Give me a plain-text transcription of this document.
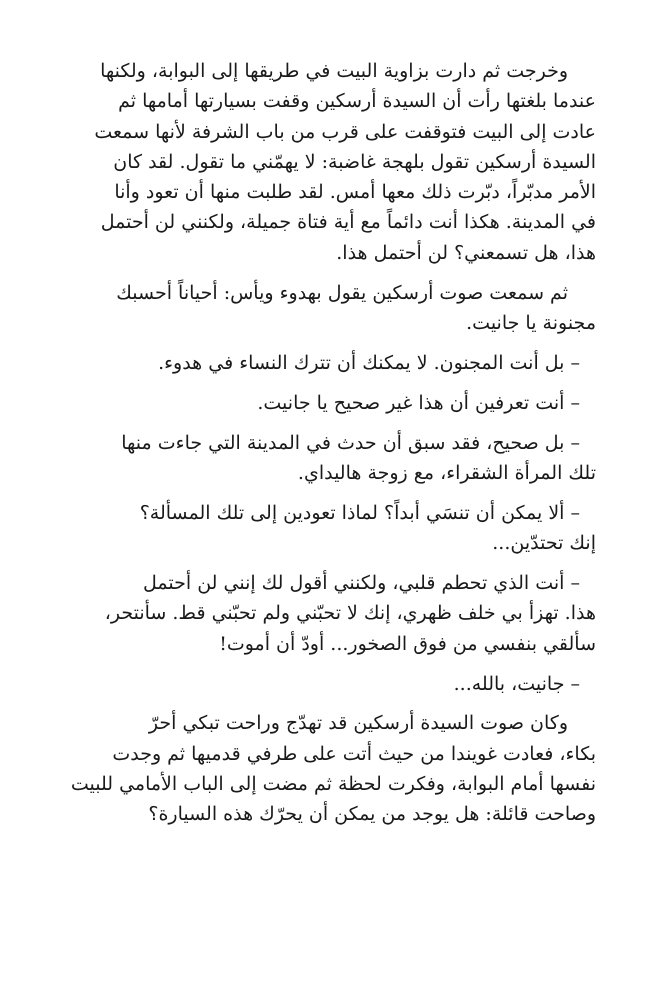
وخرجت ثم دارت بزاوية البيت في طريقها إلى البوابة، ولكنها
عندما بلغتها رأت أن السيدة أرسكين وقفت بسيارتها أمامها ثم
عادت إلى البيت فتوقفت على قرب من باب الشرفة لأنها سمعت
السيدة أرسكين تقول بلهجة غاضبة: لا يهمّني ما تقول. لقد كان
الأمر مدبّراً، دبّرت ذلك معها أمس. لقد طلبت منها أن تعود وأنا
في المدينة. هكذا أنت دائماً مع أية فتاة جميلة، ولكنني لن أحتمل
هذا، هل تسمعني؟ لن أحتمل هذا.

ثم سمعت صوت أرسكين يقول بهدوء ويأس: أحياناً أحسبك
مجنونة يا جانيت.

– بل أنت المجنون. لا يمكنك أن تترك النساء في هدوء.

– أنت تعرفين أن هذا غير صحيح يا جانيت.

– بل صحيح، فقد سبق أن حدث في المدينة التي جاءت منها
تلك المرأة الشقراء، مع زوجة هاليداي.

– ألا يمكن أن تنسَي أبداً؟ لماذا تعودين إلى تلك المسألة؟
إنك تحتدّين...

– أنت الذي تحطم قلبي، ولكنني أقول لك إنني لن أحتمل
هذا. تهزأ بي خلف ظهري، إنك لا تحبّني ولم تحبّني قط. سأنتحر،
سألقي بنفسي من فوق الصخور... أودّ أن أموت!

– جانيت، بالله...

وكان صوت السيدة أرسكين قد تهدّج وراحت تبكي أحرّ
بكاء، فعادت غويندا من حيث أتت على طرفي قدميها ثم وجدت
نفسها أمام البوابة، وفكرت لحظة ثم مضت إلى الباب الأمامي للبيت
وصاحت قائلة: هل يوجد من يمكن أن يحرّك هذه السيارة؟
